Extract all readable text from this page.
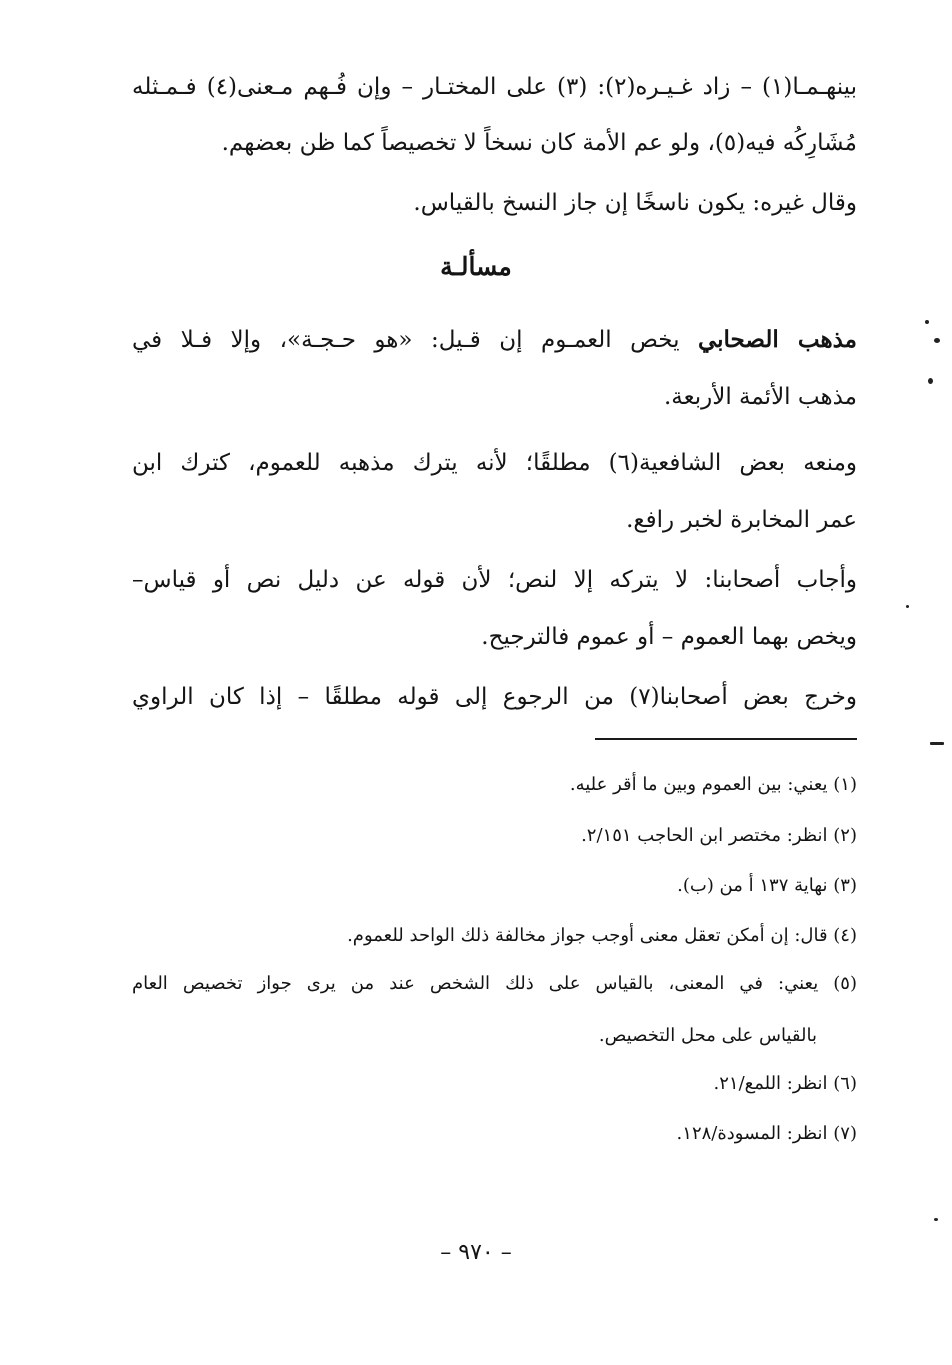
بينهـمـا(١) – زاد غـيـره(٢): (٣) على المختـار – وإن فُـهم مـعنى(٤) فـمـثله
مُشَارِكُه فيه(٥)، ولو عم الأمة كان نسخاً لا تخصيصاً كما ظن بعضهم.
وقال غيره: يكون ناسخًا إن جاز النسخ بالقياس.
مسألـة
مذهب الصحابي يخص العمـوم إن قـيل: «هو حـجـة»، وإلا فـلا في
مذهب الأئمة الأربعة.
ومنعه بعض الشافعية(٦) مطلقًا؛ لأنه يترك مذهبه للعموم، كترك ابن
عمر المخابرة لخبر رافع.
وأجاب أصحابنا: لا يتركه إلا لنص؛ لأن قوله عن دليل نص أو قياس–
ويخص بهما العموم – أو عموم فالترجيح.
وخرج بعض أصحابنا(٧) من الرجوع إلى قوله مطلقًا – إذا كان الراوي
(١) يعني: بين العموم وبين ما أقر عليه.
(٢) انظر: مختصر ابن الحاجب ٢/١٥١.
(٣) نهاية ١٣٧ أ من (ب).
(٤) قال: إن أمكن تعقل معنى أوجب جواز مخالفة ذلك الواحد للعموم.
(٥) يعني: في المعنى، بالقياس على ذلك الشخص عند من يرى جواز تخصيص العام
بالقياس على محل التخصيص.
(٦) انظر: اللمع/٢١.
(٧) انظر: المسودة/١٢٨.
– ٩٧٠ –
